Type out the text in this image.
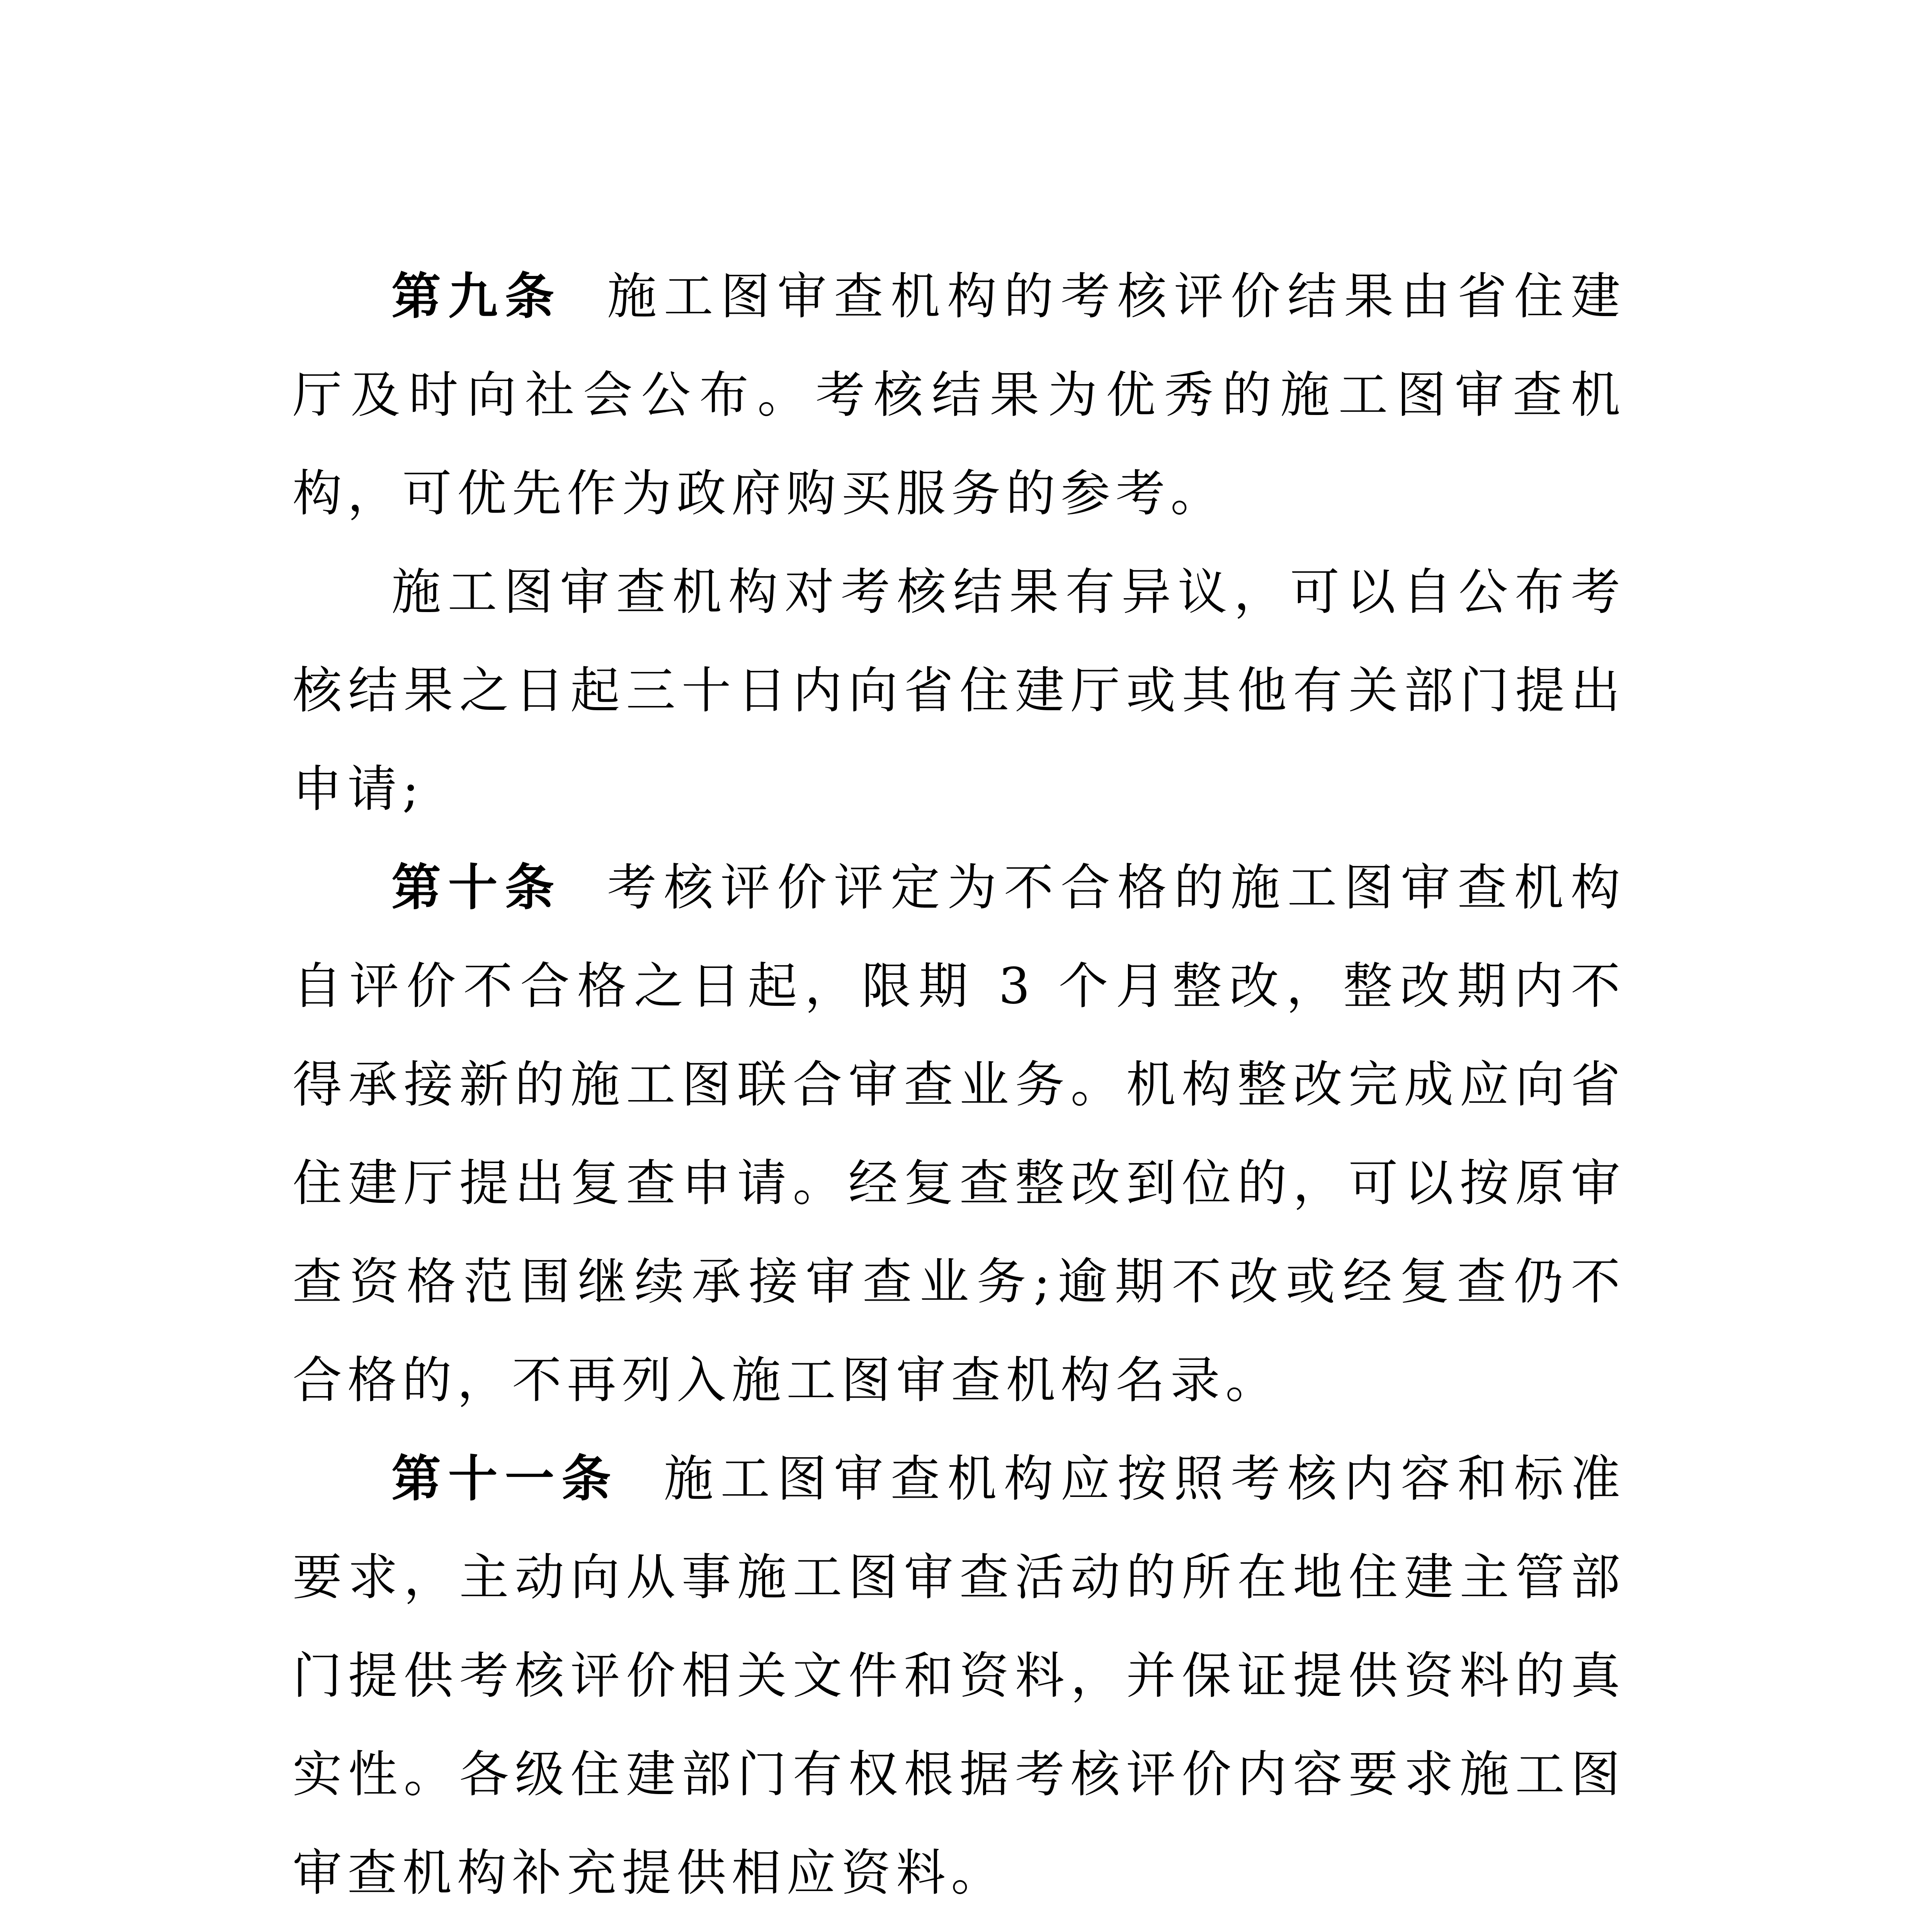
第九条 施工图审查机构的考核评价结果由省住建厅及时向社会公布。考核结果为优秀的施工图审查机构，可优先作为政府购买服务的参考。

施工图审查机构对考核结果有异议，可以自公布考核结果之日起三十日内向省住建厅或其他有关部门提出申请;

第十条 考核评价评定为不合格的施工图审查机构自评价不合格之日起，限期 3 个月整改，整改期内不得承接新的施工图联合审查业务。机构整改完成应向省住建厅提出复查申请。经复查整改到位的，可以按原审查资格范围继续承接审查业务;逾期不改或经复查仍不合格的，不再列入施工图审查机构名录。

第十一条 施工图审查机构应按照考核内容和标准要求，主动向从事施工图审查活动的所在地住建主管部门提供考核评价相关文件和资料，并保证提供资料的真实性。各级住建部门有权根据考核评价内容要求施工图审查机构补充提供相应资料。
